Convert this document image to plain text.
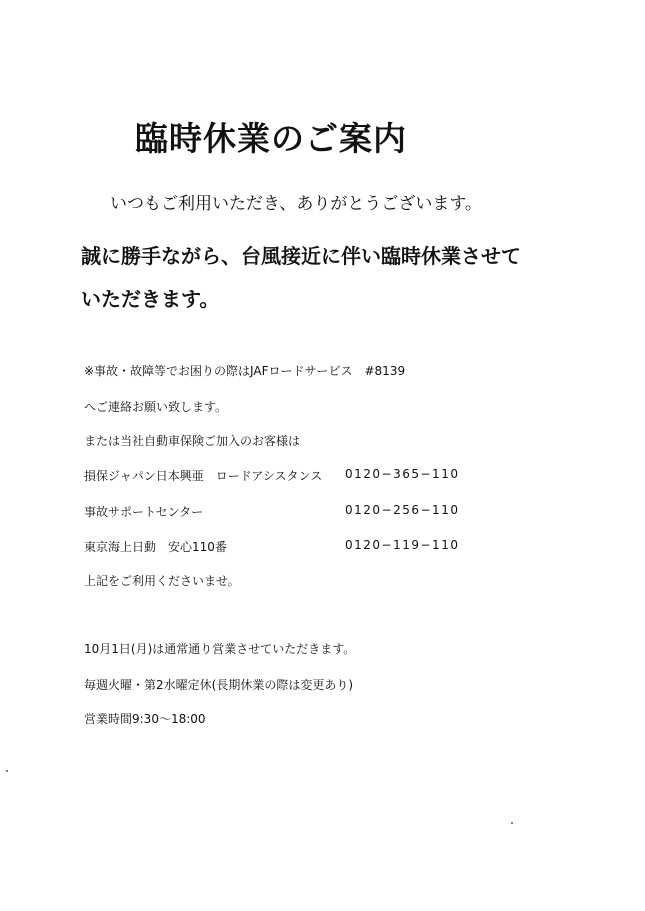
臨時休業のご案内
いつもご利用いただき、ありがとうございます。
誠に勝手ながら、台風接近に伴い臨時休業させて
いただきます。
※事故・故障等でお困りの際はJAFロードサービス　#8139
へご連絡お願い致します。
または当社自動車保険ご加入のお客様は
損保ジャパン日本興亜　ロードアシスタンス 0120−365−110
事故サポートセンター	0120−256−110
東京海上日動　安心110番	0120−119−110
上記をご利用くださいませ。
10月1日(月)は通常通り営業させていただきます。
毎週火曜・第2水曜定休(長期休業の際は変更あり)
営業時間9:30〜18:00
